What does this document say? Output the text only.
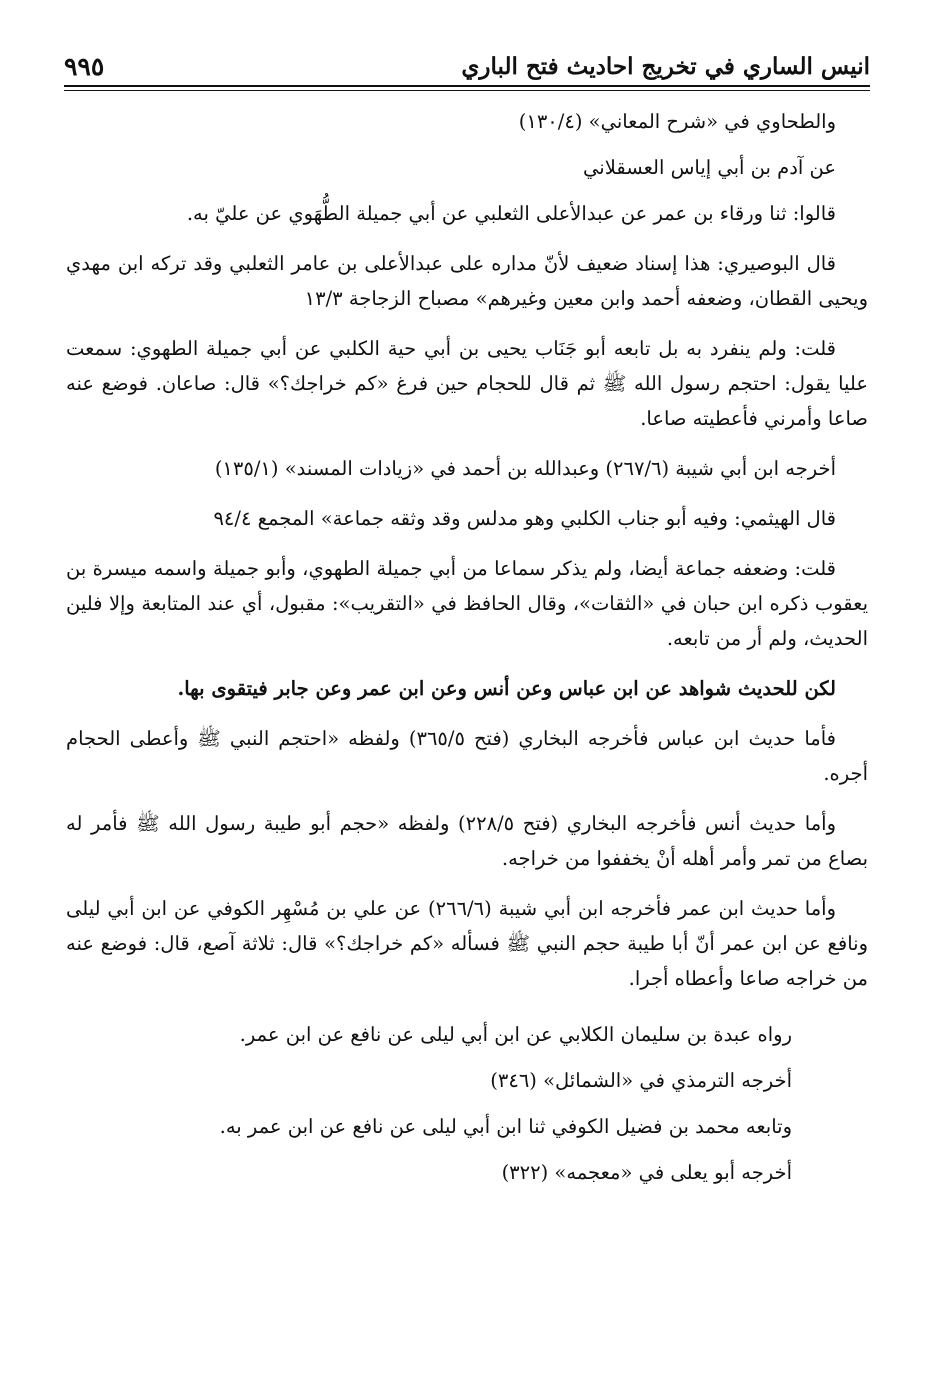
انيس الساري في تخريج احاديث فتح الباري
٩٩٥

والطحاوي في «شرح المعاني» (١٣٠/٤)

عن آدم بن أبي إياس العسقلاني

قالوا: ثنا ورقاء بن عمر عن عبدالأعلى الثعلبي عن أبي جميلة الطُّهَوي عن عليّ به.

قال البوصيري: هذا إسناد ضعيف لأنّ مداره على عبدالأعلى بن عامر الثعلبي وقد تركه ابن مهدي ويحيى القطان، وضعفه أحمد وابن معين وغيرهم» مصباح الزجاجة ١٣/٣

قلت: ولم ينفرد به بل تابعه أبو جَنَاب يحيى بن أبي حية الكلبي عن أبي جميلة الطهوي: سمعت عليا يقول: احتجم رسول الله ﷺ ثم قال للحجام حين فرغ «كم خراجك؟» قال: صاعان. فوضع عنه صاعا وأمرني فأعطيته صاعا.

أخرجه ابن أبي شيبة (٢٦٧/٦) وعبدالله بن أحمد في «زيادات المسند» (١٣٥/١)

قال الهيثمي: وفيه أبو جناب الكلبي وهو مدلس وقد وثقه جماعة» المجمع ٩٤/٤

قلت: وضعفه جماعة أيضا، ولم يذكر سماعا من أبي جميلة الطهوي، وأبو جميلة واسمه ميسرة بن يعقوب ذكره ابن حبان في «الثقات»، وقال الحافظ في «التقريب»: مقبول، أي عند المتابعة وإلا فلين الحديث، ولم أر من تابعه.

لكن للحديث شواهد عن ابن عباس وعن أنس وعن ابن عمر وعن جابر فيتقوى بها.

فأما حديث ابن عباس فأخرجه البخاري (فتح ٣٦٥/٥) ولفظه «احتجم النبي ﷺ وأعطى الحجام أجره.

وأما حديث أنس فأخرجه البخاري (فتح ٢٢٨/٥) ولفظه «حجم أبو طيبة رسول الله ﷺ فأمر له بصاع من تمر وأمر أهله أنْ يخففوا من خراجه.

وأما حديث ابن عمر فأخرجه ابن أبي شيبة (٢٦٦/٦) عن علي بن مُسْهِر الكوفي عن ابن أبي ليلى ونافع عن ابن عمر أنّ أبا طيبة حجم النبي ﷺ فسأله «كم خراجك؟» قال: ثلاثة آصع، قال: فوضع عنه من خراجه صاعا وأعطاه أجرا.

رواه عبدة بن سليمان الكلابي عن ابن أبي ليلى عن نافع عن ابن عمر.

أخرجه الترمذي في «الشمائل» (٣٤٦)

وتابعه محمد بن فضيل الكوفي ثنا ابن أبي ليلى عن نافع عن ابن عمر به.

أخرجه أبو يعلى في «معجمه» (٣٢٢)
